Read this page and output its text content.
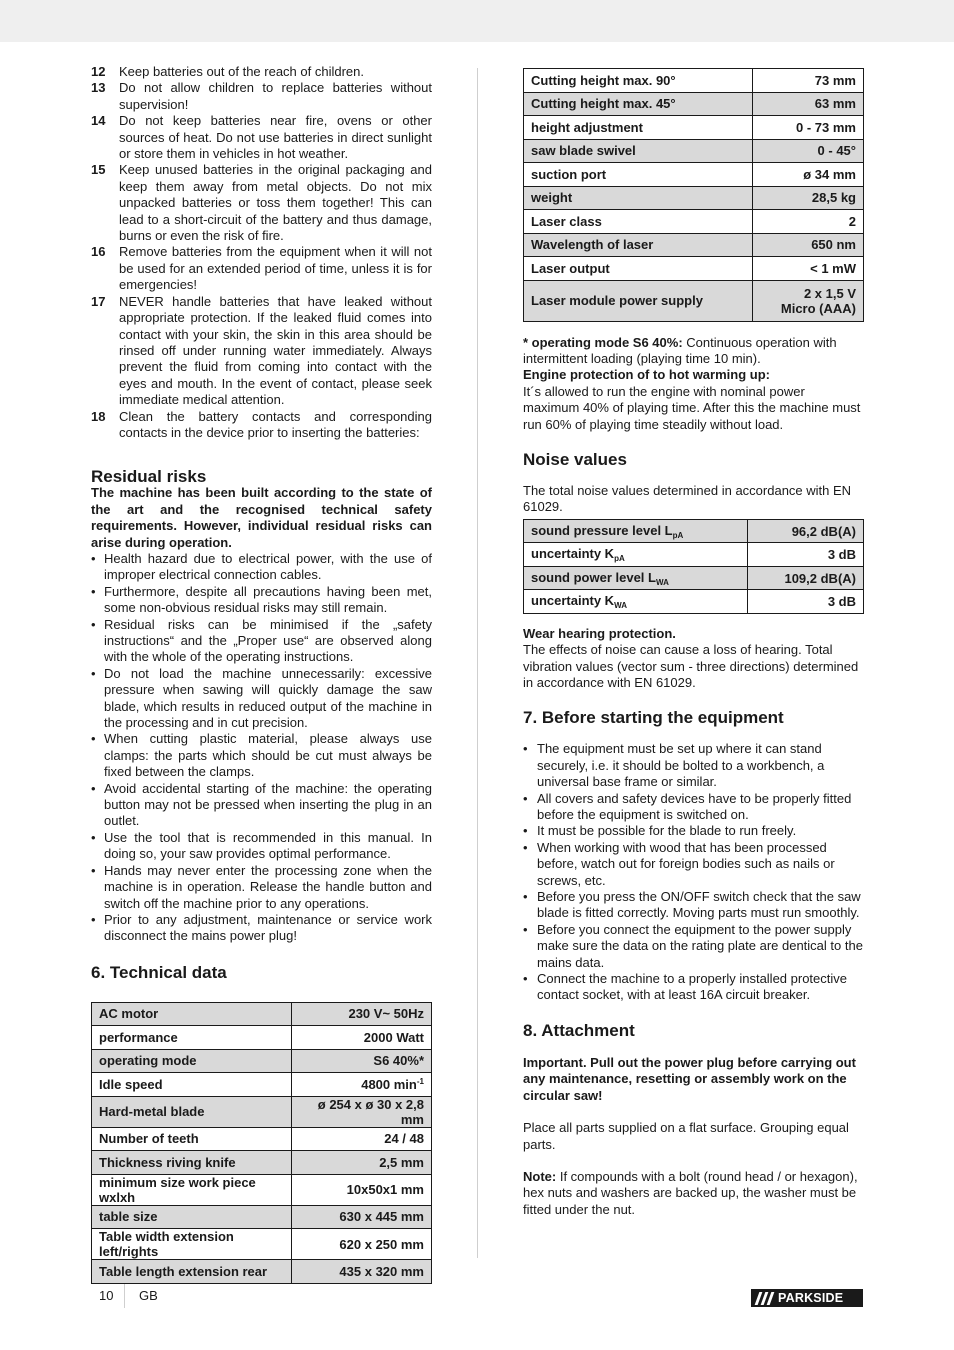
12	Keep batteries out of the reach of children.
13	Do not allow children to replace batteries without supervision!
14	Do not keep batteries near fire, ovens or other sources of heat. Do not use batteries in direct sunlight or store them in vehicles in hot weather.
15	Keep unused batteries in the original packaging and keep them away from metal objects. Do not mix unpacked batteries or toss them together! This can lead to a short-circuit of the battery and thus damage, burns or even the risk of fire.
16	Remove batteries from the equipment when it will not be used for an extended period of time, unless it is for emergencies!
17	NEVER handle batteries that have leaked without appropriate protection. If the leaked fluid comes into contact with your skin, the skin in this area should be rinsed off under running water immediately. Always prevent the fluid from coming into contact with the eyes and mouth. In the event of contact, please seek immediate medical attention.
18	Clean the battery contacts and corresponding contacts in the device prior to inserting the batteries:
Residual risks

The machine has been built according to the state of the art and the recognised technical safety requirements. However, individual residual risks can arise during operation.

• Health hazard due to electrical power, with the use of improper electrical connection cables.
• Furthermore, despite all precautions having been met, some non-obvious residual risks may still remain.
• Residual risks can be minimised if the „safety instructions“ and the „Proper use“ are observed along with the whole of the operating instructions.
• Do not load the machine unnecessarily: excessive pressure when sawing will quickly damage the saw blade, which results in reduced output of the machine in the processing and in cut precision.
• When cutting plastic material, please always use clamps: the parts which should be cut must always be fixed between the clamps.
• Avoid accidental starting of the machine: the operating button may not be pressed when inserting the plug in an outlet.
• Use the tool that is recommended in this manual. In doing so, your saw provides optimal performance.
• Hands may never enter the processing zone when the machine is in operation. Release the handle button and switch off the machine prior to any operations.
• Prior to any adjustment, maintenance or service work disconnect the mains power plug!
6. Technical data
AC motor	230 V~ 50Hz
performance	2000 Watt
operating mode	S6 40%*
Idle speed	4800 $\min^{-1}$
Hard-metal blade	ø 254 x ø 30 x 2,8 mm
Number of teeth	24 / 48
Thickness riving knife	2,5 mm
minimum size work piece wxlxh	10x50x1 mm
table size	630 x 445 mm
Table width extension left/rights	620 x 250 mm
Table length extension rear	435 x 320 mm
Cutting height max. 90°	73 mm
Cutting height max. 45°	63 mm
height adjustment	0 - 73 mm
saw blade swivel	0 - 45°
suction port	ø 34 mm
weight	28,5 kg
Laser class	2
Wavelength of laser	650 nm
Laser output	< 1 mW
Laser module power supply	2 x 1,5 V
Micro (AAA)

* operating mode S6 40%: Continuous operation with intermittent loading (playing time 10 min).

Engine protection of to hot warming up:

It´s allowed to run the engine with nominal power maximum 40% of playing time. After this the machine must run 60% of playing time steadily without load.

Noise values

The total noise values determined in accordance with EN 61029.

sound pressure level $L_{pA}$	96,2 dB(A)
uncertainty $K_{pA}$	3 dB
sound power level $L_{WA}$	109,2 dB(A)
uncertainty $K_{WA}$	3 dB

Wear hearing protection.

The effects of noise can cause a loss of hearing. Total vibration values (vector sum - three directions) determined in accordance with EN 61029.

7. Before starting the equipment
• The equipment must be set up where it can stand securely, i.e. it should be bolted to a workbench, a universal base frame or similar.
• All covers and safety devices have to be properly fitted before the equipment is switched on.
• It must be possible for the blade to run freely.
• When working with wood that has been processed before, watch out for foreign bodies such as nails or screws, etc.
• Before you press the ON/OFF switch check that the saw blade is fitted correctly. Moving parts must run smoothly.
• Before you connect the equipment to the power supply make sure the data on the rating plate are dentical to the mains data.
• Connect the machine to a properly installed protective contact socket, with at least 16A circuit breaker.
8. Attachment

Important. Pull out the power plug before carrying out any maintenance, resetting or assembly work on the circular saw!

Place all parts supplied on a flat surface. Grouping equal parts.

Note: If compounds with a bolt (round head / or hexagon), hex nuts and washers are backed up, the washer must be fitted under the nut.

10 GB	PARKSIDE
